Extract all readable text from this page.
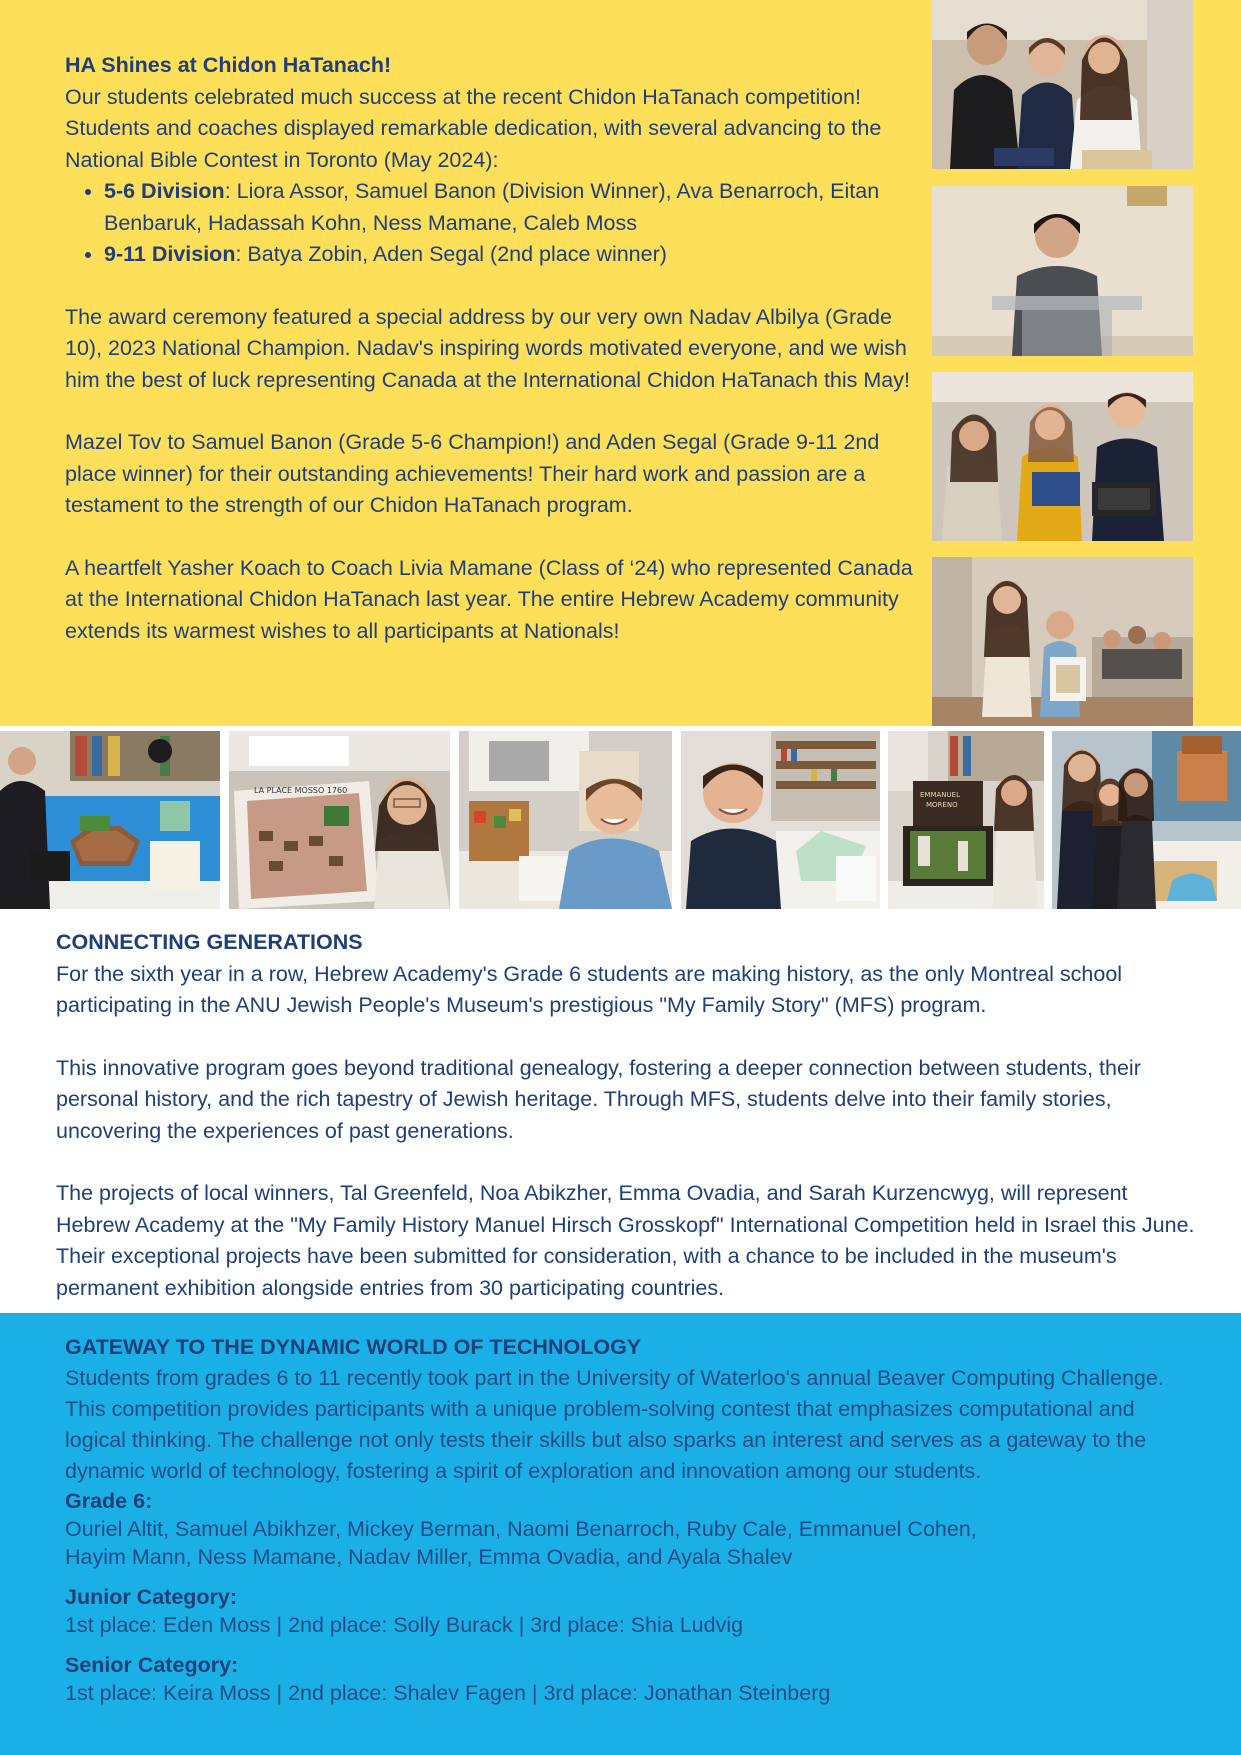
HA Shines at Chidon HaTanach!

Our students celebrated much success at the recent Chidon HaTanach competition! Students and coaches displayed remarkable dedication, with several advancing to the National Bible Contest in Toronto (May 2024):

• 5-6 Division: Liora Assor, Samuel Banon (Division Winner), Ava Benarroch, Eitan Benbaruk, Hadassah Kohn, Ness Mamane, Caleb Moss
• 9-11 Division: Batya Zobin, Aden Segal (2nd place winner)

The award ceremony featured a special address by our very own Nadav Albilya (Grade 10), 2023 National Champion. Nadav's inspiring words motivated everyone, and we wish him the best of luck representing Canada at the International Chidon HaTanach this May!

Mazel Tov to Samuel Banon (Grade 5-6 Champion!) and Aden Segal (Grade 9-11 2nd place winner) for their outstanding achievements! Their hard work and passion are a testament to the strength of our Chidon HaTanach program.

A heartfelt Yasher Koach to Coach Livia Mamane (Class of ‘24) who represented Canada at the International Chidon HaTanach last year. The entire Hebrew Academy community extends its warmest wishes to all participants at Nationals!

LA PLACE MOSSO 1760	EMMANUEL
MORENO

CONNECTING GENERATIONS

For the sixth year in a row, Hebrew Academy's Grade 6 students are making history, as the only Montreal school participating in the ANU Jewish People's Museum's prestigious "My Family Story" (MFS) program.

This innovative program goes beyond traditional genealogy, fostering a deeper connection between students, their personal history, and the rich tapestry of Jewish heritage. Through MFS, students delve into their family stories, uncovering the experiences of past generations.

The projects of local winners, Tal Greenfeld, Noa Abikzher, Emma Ovadia, and Sarah Kurzencwyg, will represent Hebrew Academy at the "My Family History Manuel Hirsch Grosskopf" International Competition held in Israel this June. Their exceptional projects have been submitted for consideration, with a chance to be included in the museum's permanent exhibition alongside entries from 30 participating countries.

GATEWAY TO THE DYNAMIC WORLD OF TECHNOLOGY

Students from grades 6 to 11 recently took part in the University of Waterloo's annual Beaver Computing Challenge. This competition provides participants with a unique problem-solving contest that emphasizes computational and logical thinking. The challenge not only tests their skills but also sparks an interest and serves as a gateway to the dynamic world of technology, fostering a spirit of exploration and innovation among our students.

Grade 6:

Ouriel Altit, Samuel Abikhzer, Mickey Berman, Naomi Benarroch, Ruby Cale, Emmanuel Cohen,

Hayim Mann, Ness Mamane, Nadav Miller, Emma Ovadia, and Ayala Shalev

Junior Category:

1st place: Eden Moss | 2nd place: Solly Burack | 3rd place: Shia Ludvig

Senior Category:

1st place: Keira Moss | 2nd place: Shalev Fagen | 3rd place: Jonathan Steinberg
